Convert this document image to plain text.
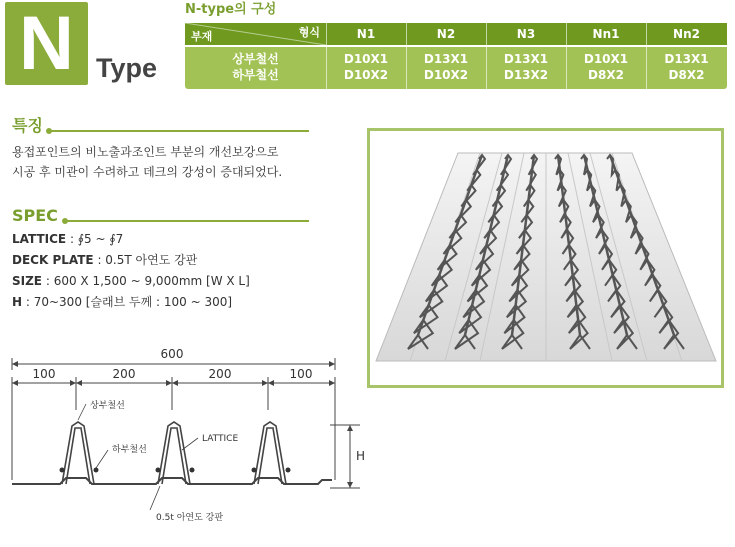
N Type
N-type의 구성
형식
부재	N1	N2	N3	Nn1	Nn2
상부철선
하부철선
D10X1	D13X1	D13X1	D10X1	D13X1
D10X2	D10X2	D13X2	D8X2	D8X2
특징
용접포인트의 비노출과조인트 부분의 개선보강으로
시공 후 미관이 수려하고 데크의 강성이 증대되었다.
SPEC
LATTICE : ∮5 ~ ∮7
DECK PLATE : 0.5T 아연도 강판
SIZE : 600 X 1,500 ~ 9,000mm [W X L]
H : 70~300 [슬래브 두께 : 100 ~ 300]
600
100	200	200	100
상부철선
하부철선
LATTICE
H
0.5t 아연도 강판
